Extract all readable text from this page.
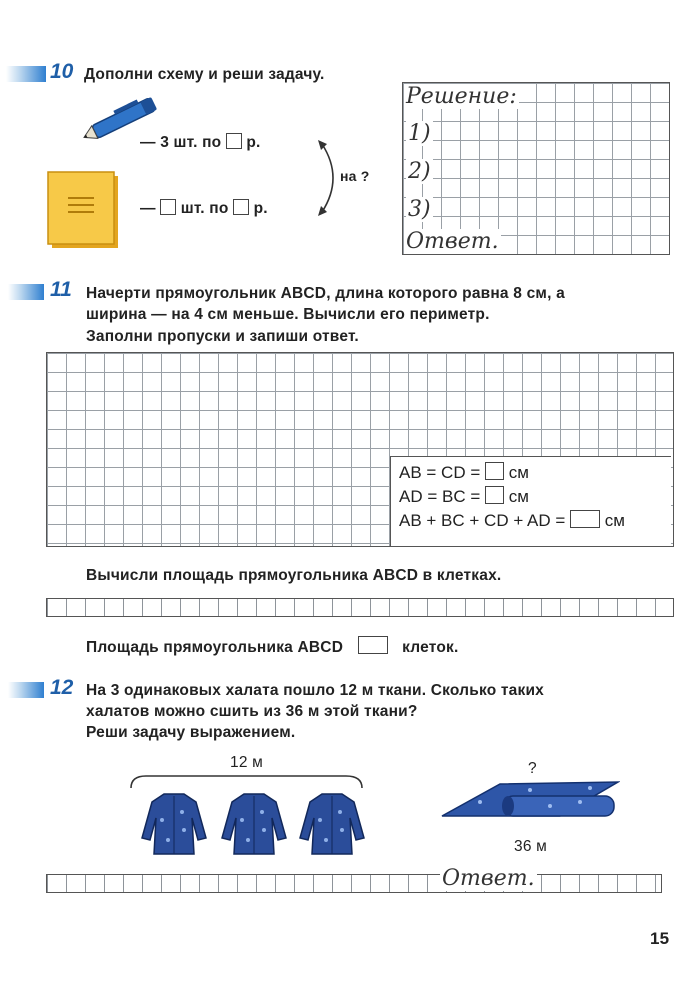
10 Дополни схему и реши задачу.
— 3 шт. по р.
— шт. по р.
на ?
Решение:
1)
2)
3)
Ответ.
11 Начерти прямоугольник ABCD, длина которого равна 8 см, а
ширина — на 4 см меньше. Вычисли его периметр.
Заполни пропуски и запиши ответ.
AB = CD = см
AD = BC = см
AB + BC + CD + AD = см
Вычисли площадь прямоугольника ABCD в клетках.
Площадь прямоугольника ABCD	клеток.
12 На 3 одинаковых халата пошло 12 м ткани. Сколько таких
халатов можно сшить из 36 м этой ткани?
Реши задачу выражением.
12 м	?
36 м
Ответ.
15
